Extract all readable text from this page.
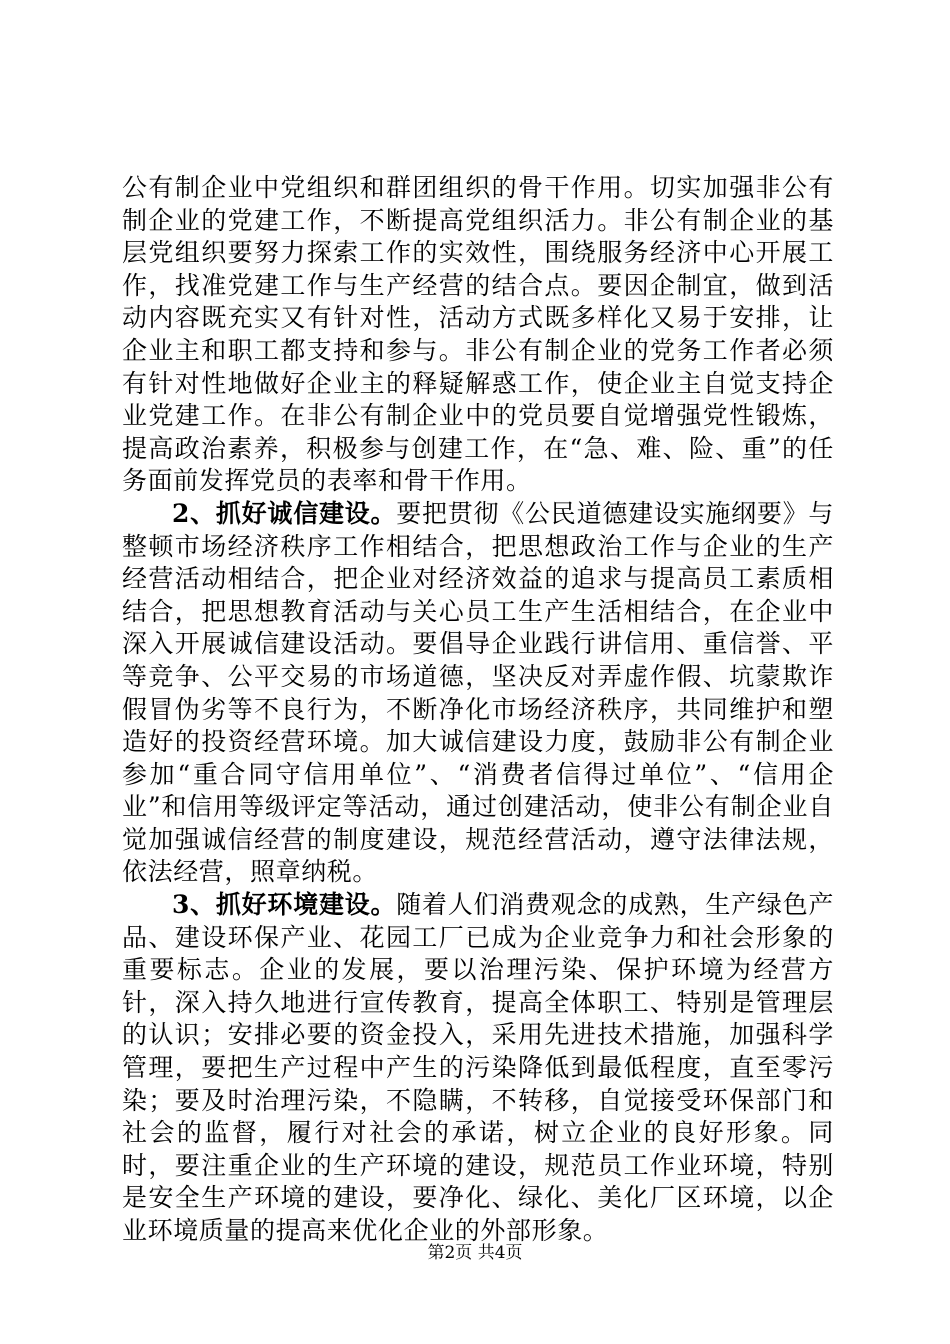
公有制企业中党组织和群团组织的骨干作用。切实加强非公有制企业的党建工作，不断提高党组织活力。非公有制企业的基层党组织要努力探索工作的实效性，围绕服务经济中心开展工作，找准党建工作与生产经营的结合点。要因企制宜，做到活动内容既充实又有针对性，活动方式既多样化又易于安排，让企业主和职工都支持和参与。非公有制企业的党务工作者必须有针对性地做好企业主的释疑解惑工作，使企业主自觉支持企业党建工作。在非公有制企业中的党员要自觉增强党性锻炼，提高政治素养，积极参与创建工作，在“急、难、险、重”的任务面前发挥党员的表率和骨干作用。

2、抓好诚信建设。要把贯彻《公民道德建设实施纲要》与整顿市场经济秩序工作相结合，把思想政治工作与企业的生产经营活动相结合，把企业对经济效益的追求与提高员工素质相结合，把思想教育活动与关心员工生产生活相结合，在企业中深入开展诚信建设活动。要倡导企业践行讲信用、重信誉、平等竞争、公平交易的市场道德，坚决反对弄虚作假、坑蒙欺诈假冒伪劣等不良行为，不断净化市场经济秩序，共同维护和塑造好的投资经营环境。加大诚信建设力度，鼓励非公有制企业参加“重合同守信用单位”、“消费者信得过单位”、“信用企业”和信用等级评定等活动，通过创建活动，使非公有制企业自觉加强诚信经营的制度建设，规范经营活动，遵守法律法规，依法经营，照章纳税。

3、抓好环境建设。随着人们消费观念的成熟，生产绿色产品、建设环保产业、花园工厂已成为企业竞争力和社会形象的重要标志。企业的发展，要以治理污染、保护环境为经营方针，深入持久地进行宣传教育，提高全体职工、特别是管理层的认识；安排必要的资金投入，采用先进技术措施，加强科学管理，要把生产过程中产生的污染降低到最低程度，直至零污染；要及时治理污染，不隐瞒，不转移，自觉接受环保部门和社会的监督，履行对社会的承诺，树立企业的良好形象。同时，要注重企业的生产环境的建设，规范员工作业环境，特别是安全生产环境的建设，要净化、绿化、美化厂区环境，以企业环境质量的提高来优化企业的外部形象。

第2页 共4页
